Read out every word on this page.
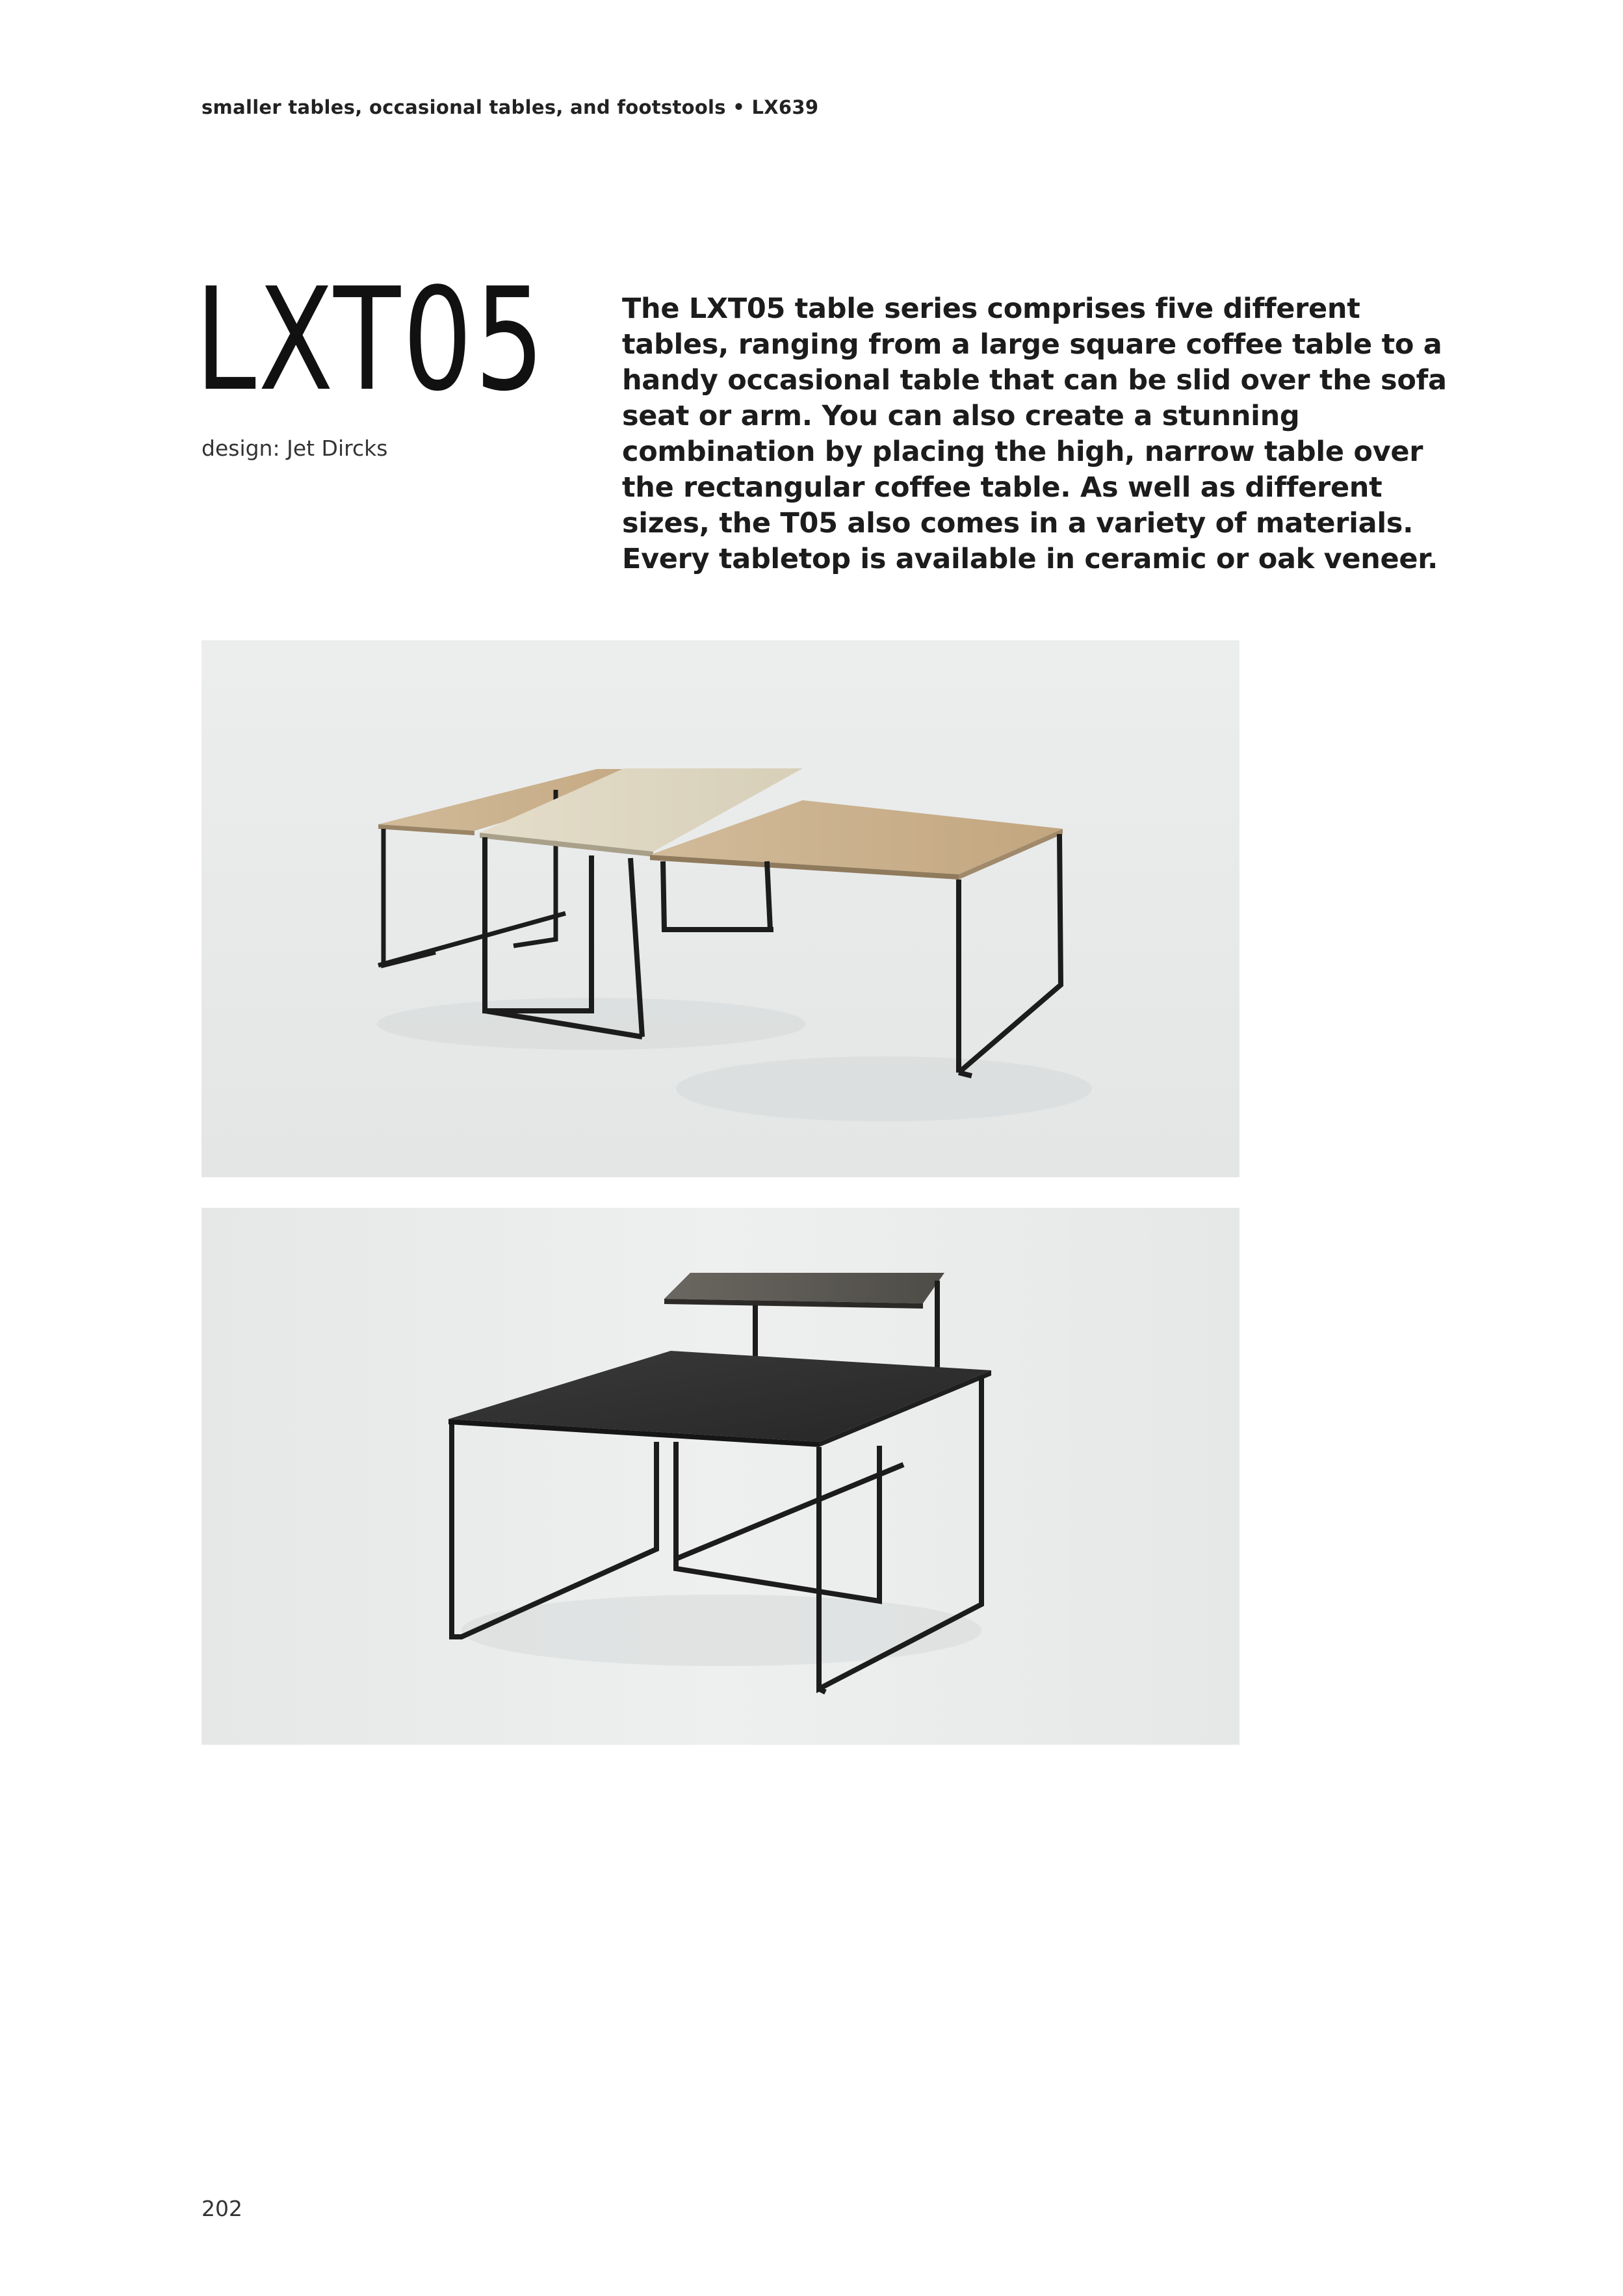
smaller tables, occasional tables, and footstools • LX639
LXT05
design: Jet Dircks
The LXT05 table series comprises five different tables, ranging from a large square coffee table to a handy occasional table that can be slid over the sofa seat or arm. You can also create a stunning combination by placing the high, narrow table over the rectangular coffee table. As well as different sizes, the T05 also comes in a variety of materials. Every tabletop is available in ceramic or oak veneer.
202
